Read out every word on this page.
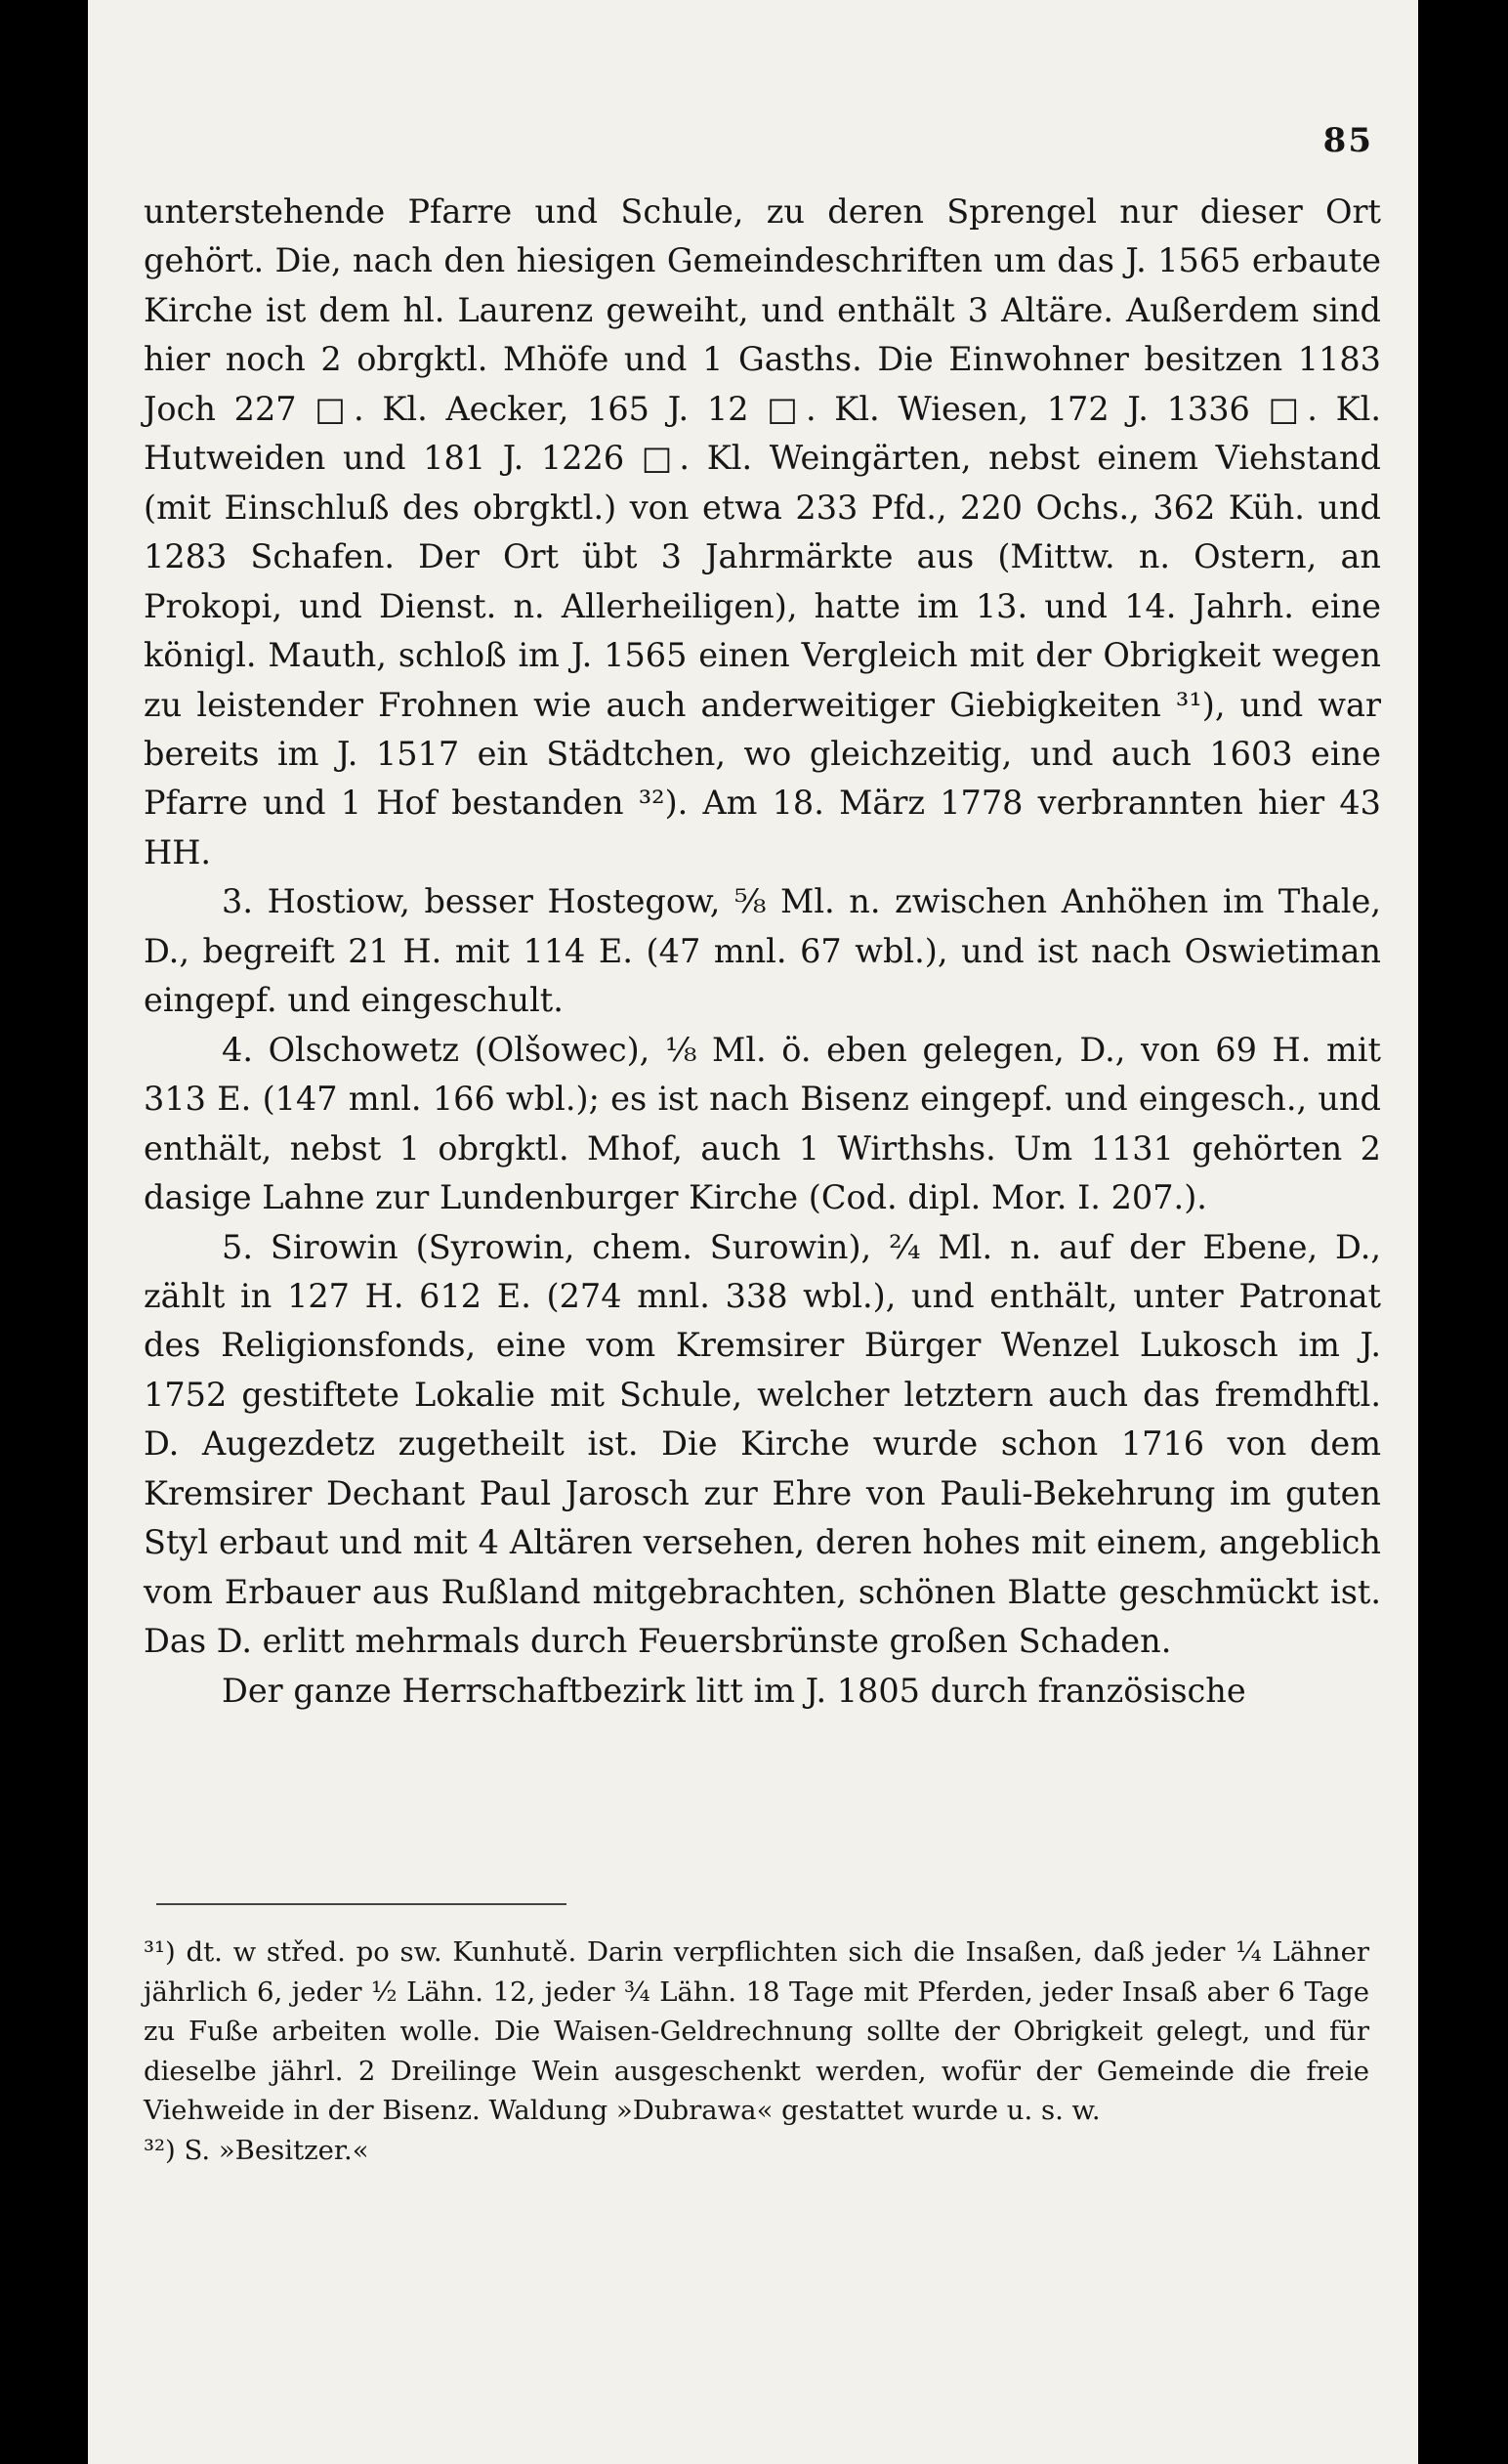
85

unterstehende Pfarre und Schule, zu deren Sprengel nur dieser Ort gehört. Die, nach den hiesigen Gemeindeschriften um das J. 1565 erbaute Kirche ist dem hl. Laurenz geweiht, und enthält 3 Altäre. Außerdem sind hier noch 2 obrgktl. Mhöfe und 1 Gasths. Die Einwohner besitzen 1183 Joch 227 □. Kl. Aecker, 165 J. 12 □. Kl. Wiesen, 172 J. 1336 □. Kl. Hutweiden und 181 J. 1226 □. Kl. Weingärten, nebst einem Viehstand (mit Einschluß des obrgktl.) von etwa 233 Pfd., 220 Ochs., 362 Küh. und 1283 Schafen. Der Ort übt 3 Jahrmärkte aus (Mittw. n. Ostern, an Prokopi, und Dienst. n. Allerheiligen), hatte im 13. und 14. Jahrh. eine königl. Mauth, schloß im J. 1565 einen Vergleich mit der Obrigkeit wegen zu leistender Frohnen wie auch anderweitiger Giebigkeiten ³¹), und war bereits im J. 1517 ein Städtchen, wo gleichzeitig, und auch 1603 eine Pfarre und 1 Hof bestanden ³²). Am 18. März 1778 verbrannten hier 43 HH.

3. Hostiow, besser Hostegow, ⁵⁄₈ Ml. n. zwischen Anhöhen im Thale, D., begreift 21 H. mit 114 E. (47 mnl. 67 wbl.), und ist nach Oswietiman eingepf. und eingeschult.

4. Olschowetz (Olšowec), ¹⁄₈ Ml. ö. eben gelegen, D., von 69 H. mit 313 E. (147 mnl. 166 wbl.); es ist nach Bisenz eingepf. und eingesch., und enthält, nebst 1 obrgktl. Mhof, auch 1 Wirthshs. Um 1131 gehörten 2 dasige Lahne zur Lundenburger Kirche (Cod. dipl. Mor. I. 207.).

5. Sirowin (Syrowin, chem. Surowin), ²⁄₄ Ml. n. auf der Ebene, D., zählt in 127 H. 612 E. (274 mnl. 338 wbl.), und enthält, unter Patronat des Religionsfonds, eine vom Kremsirer Bürger Wenzel Lukosch im J. 1752 gestiftete Lokalie mit Schule, welcher letztern auch das fremdhftl. D. Augezdetz zugetheilt ist. Die Kirche wurde schon 1716 von dem Kremsirer Dechant Paul Jarosch zur Ehre von Pauli-Bekehrung im guten Styl erbaut und mit 4 Altären versehen, deren hohes mit einem, angeblich vom Erbauer aus Rußland mitgebrachten, schönen Blatte geschmückt ist. Das D. erlitt mehrmals durch Feuersbrünste großen Schaden.

Der ganze Herrschaftbezirk litt im J. 1805 durch französische

³¹) dt. w střed. po sw. Kunhutě. Darin verpflichten sich die Insaßen, daß jeder ¹⁄₄ Lähner jährlich 6, jeder ¹⁄₂ Lähn. 12, jeder ³⁄₄ Lähn. 18 Tage mit Pferden, jeder Insaß aber 6 Tage zu Fuße arbeiten wolle. Die Waisen-Geldrechnung sollte der Obrigkeit gelegt, und für dieselbe jährl. 2 Dreilinge Wein ausgeschenkt werden, wofür der Gemeinde die freie Viehweide in der Bisenz. Waldung »Dubrawa« gestattet wurde u. s. w.

³²) S. »Besitzer.«
